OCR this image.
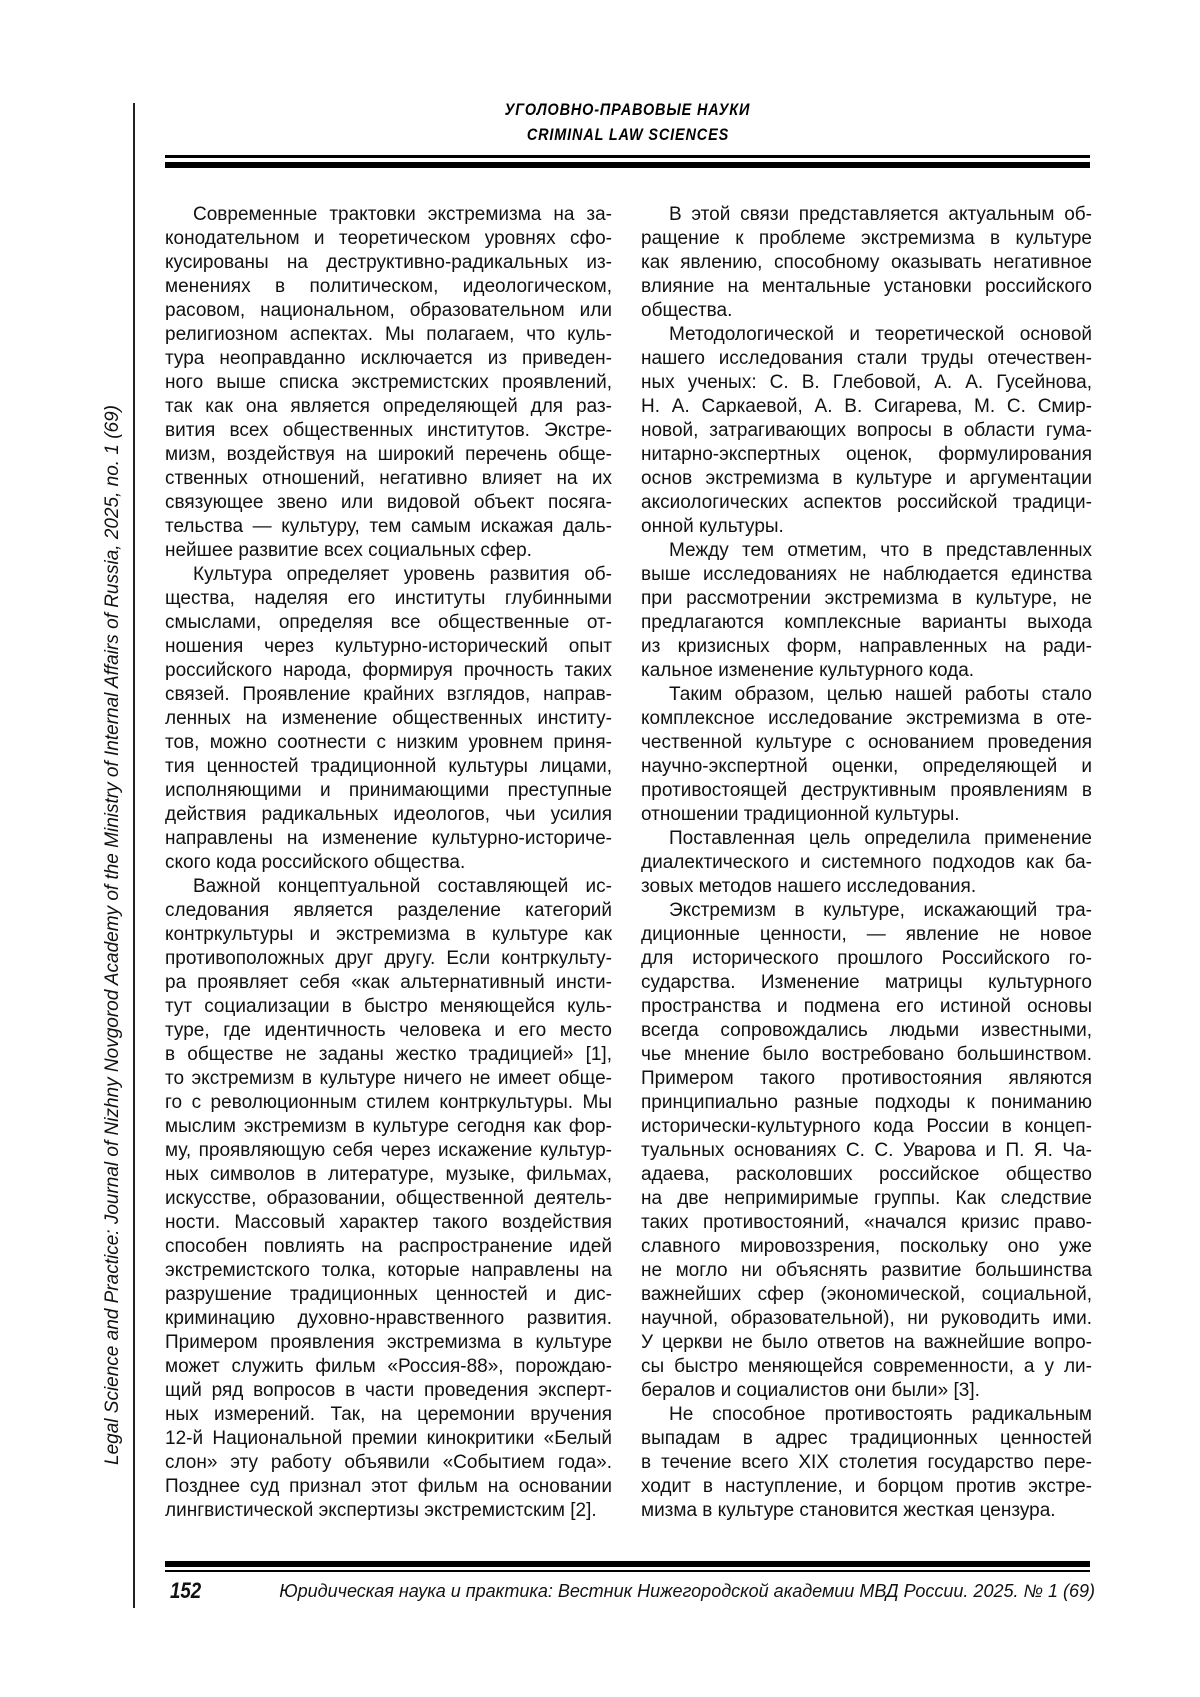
Legal Science and Practice: Journal of Nizhny Novgorod Academy of the Ministry of Internal Affairs of Russia, 2025, no. 1 (69)
УГОЛОВНО-ПРАВОВЫЕ НАУКИ
CRIMINAL LAW SCIENCES
Современные трактовки экстремизма на за-
конодательном и теоретическом уровнях сфо-
кусированы на деструктивно-радикальных из-
менениях в политическом, идеологическом,
расовом, национальном, образовательном или
религиозном аспектах. Мы полагаем, что куль-
тура неоправданно исключается из приведен-
ного выше списка экстремистских проявлений,
так как она является определяющей для раз-
вития всех общественных институтов. Экстре-
мизм, воздействуя на широкий перечень обще-
ственных отношений, негативно влияет на их
связующее звено или видовой объект посяга-
тельства — культуру, тем самым искажая даль-
нейшее развитие всех социальных сфер.
Культура определяет уровень развития об-
щества, наделяя его институты глубинными
смыслами, определяя все общественные от-
ношения через культурно-исторический опыт
российского народа, формируя прочность таких
связей. Проявление крайних взглядов, направ-
ленных на изменение общественных институ-
тов, можно соотнести с низким уровнем приня-
тия ценностей традиционной культуры лицами,
исполняющими и принимающими преступные
действия радикальных идеологов, чьи усилия
направлены на изменение культурно-историче-
ского кода российского общества.
Важной концептуальной составляющей ис-
следования является разделение категорий
контркультуры и экстремизма в культуре как
противоположных друг другу. Если контркульту-
ра проявляет себя «как альтернативный инсти-
тут социализации в быстро меняющейся куль-
туре, где идентичность человека и его место
в обществе не заданы жестко традицией» [1],
то экстремизм в культуре ничего не имеет обще-
го с революционным стилем контркультуры. Мы
мыслим экстремизм в культуре сегодня как фор-
му, проявляющую себя через искажение культур-
ных символов в литературе, музыке, фильмах,
искусстве, образовании, общественной деятель-
ности. Массовый характер такого воздействия
способен повлиять на распространение идей
экстремистского толка, которые направлены на
разрушение традиционных ценностей и дис-
криминацию духовно-нравственного развития.
Примером проявления экстремизма в культуре
может служить фильм «Россия-88», порождаю-
щий ряд вопросов в части проведения эксперт-
ных измерений. Так, на церемонии вручения
12-й Национальной премии кинокритики «Белый
слон» эту работу объявили «Событием года».
Позднее суд признал этот фильм на основании
лингвистической экспертизы экстремистским [2].
В этой связи представляется актуальным об-
ращение к проблеме экстремизма в культуре
как явлению, способному оказывать негативное
влияние на ментальные установки российского
общества.
Методологической и теоретической основой
нашего исследования стали труды отечествен-
ных ученых: С. В. Глебовой, А. А. Гусейнова,
Н. А. Саркаевой, А. В. Сигарева, М. С. Смир-
новой, затрагивающих вопросы в области гума-
нитарно-экспертных оценок, формулирования
основ экстремизма в культуре и аргументации
аксиологических аспектов российской традици-
онной культуры.
Между тем отметим, что в представленных
выше исследованиях не наблюдается единства
при рассмотрении экстремизма в культуре, не
предлагаются комплексные варианты выхода
из кризисных форм, направленных на ради-
кальное изменение культурного кода.
Таким образом, целью нашей работы стало
комплексное исследование экстремизма в оте-
чественной культуре с основанием проведения
научно-экспертной оценки, определяющей и
противостоящей деструктивным проявлениям в
отношении традиционной культуры.
Поставленная цель определила применение
диалектического и системного подходов как ба-
зовых методов нашего исследования.
Экстремизм в культуре, искажающий тра-
диционные ценности, — явление не новое
для исторического прошлого Российского го-
сударства. Изменение матрицы культурного
пространства и подмена его истиной основы
всегда сопровождались людьми известными,
чье мнение было востребовано большинством.
Примером такого противостояния являются
принципиально разные подходы к пониманию
исторически-культурного кода России в концеп-
туальных основаниях С. С. Уварова и П. Я. Ча-
адаева, расколовших российское общество
на две непримиримые группы. Как следствие
таких противостояний, «начался кризис право-
славного мировоззрения, поскольку оно уже
не могло ни объяснять развитие большинства
важнейших сфер (экономической, социальной,
научной, образовательной), ни руководить ими.
У церкви не было ответов на важнейшие вопро-
сы быстро меняющейся современности, а у ли-
бералов и социалистов они были» [3].
Не способное противостоять радикальным
выпадам в адрес традиционных ценностей
в течение всего XIX столетия государство пере-
ходит в наступление, и борцом против экстре-
мизма в культуре становится жесткая цензура.
152	Юридическая наука и практика: Вестник Нижегородской академии МВД России. 2025. № 1 (69)
